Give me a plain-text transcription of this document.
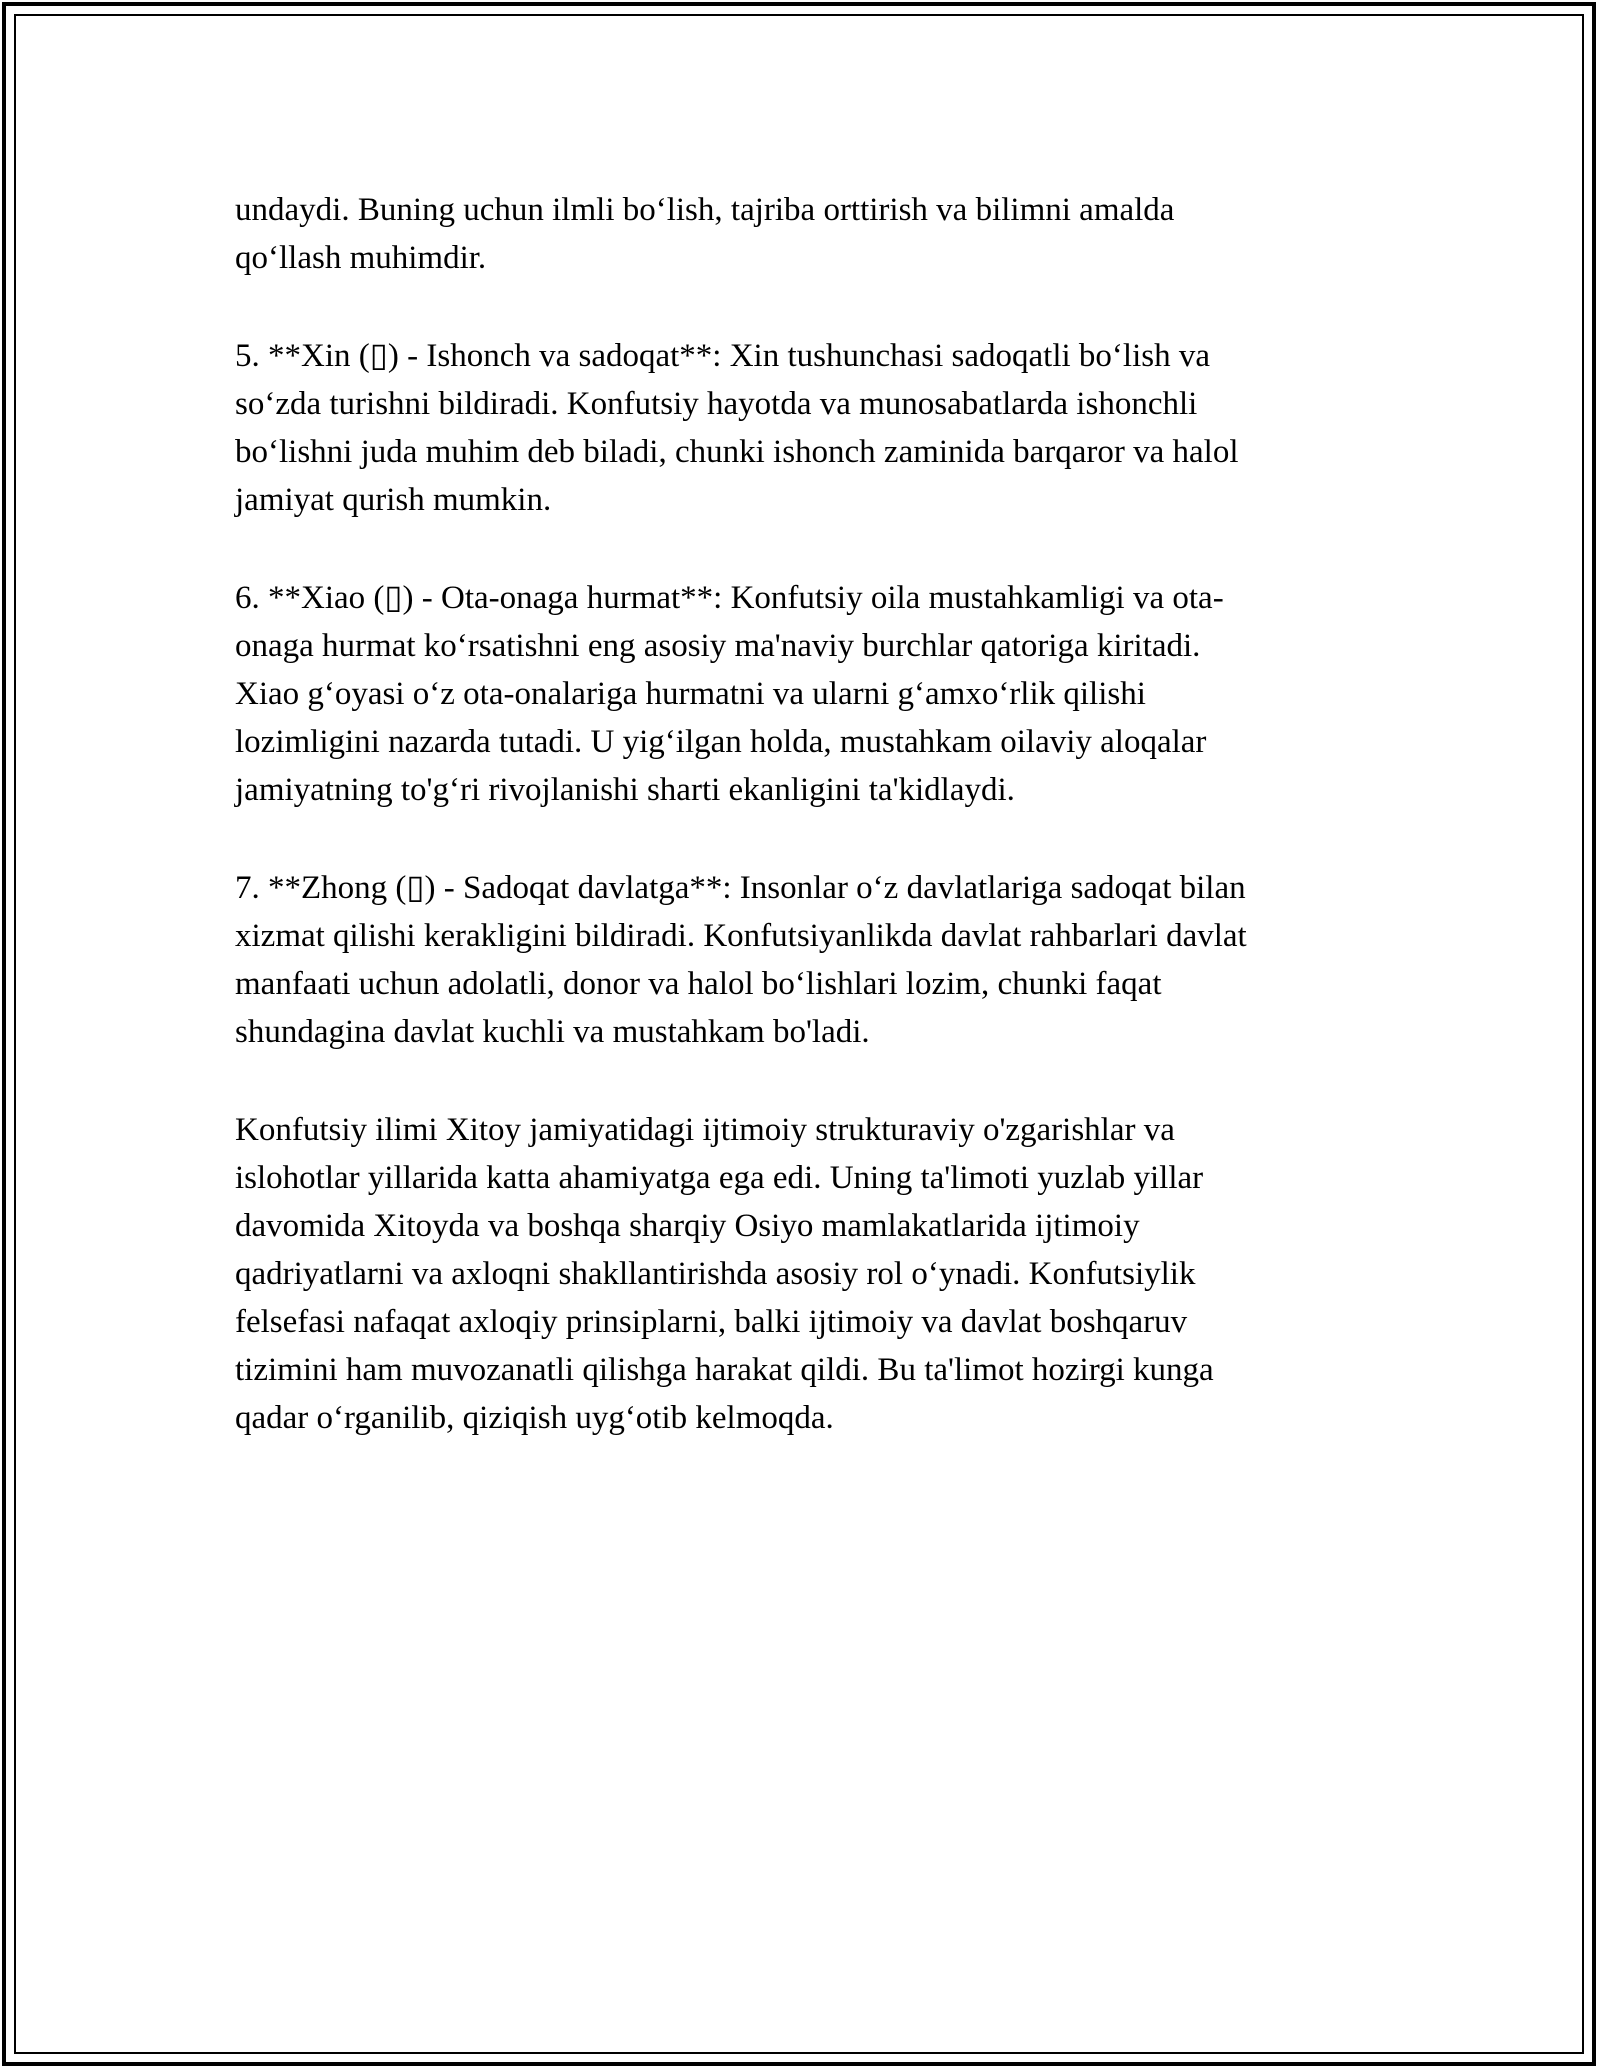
undaydi. Buning uchun ilmli bo‘lish, tajriba orttirish va bilimni amalda
qo‘llash muhimdir.

5. **Xin (▯) - Ishonch va sadoqat**: Xin tushunchasi sadoqatli bo‘lish va
so‘zda turishni bildiradi. Konfutsiy hayotda va munosabatlarda ishonchli
bo‘lishni juda muhim deb biladi, chunki ishonch zaminida barqaror va halol
jamiyat qurish mumkin.

6. **Xiao (▯) - Ota-onaga hurmat**: Konfutsiy oila mustahkamligi va ota-
onaga hurmat ko‘rsatishni eng asosiy ma'naviy burchlar qatoriga kiritadi.
Xiao g‘oyasi o‘z ota-onalariga hurmatni va ularni g‘amxo‘rlik qilishi
lozimligini nazarda tutadi. U yig‘ilgan holda, mustahkam oilaviy aloqalar
jamiyatning to'g‘ri rivojlanishi sharti ekanligini ta'kidlaydi.

7. **Zhong (▯) - Sadoqat davlatga**: Insonlar o‘z davlatlariga sadoqat bilan
xizmat qilishi kerakligini bildiradi. Konfutsiyanlikda davlat rahbarlari davlat
manfaati uchun adolatli, donor va halol bo‘lishlari lozim, chunki faqat
shundagina davlat kuchli va mustahkam bo'ladi.

Konfutsiy ilimi Xitoy jamiyatidagi ijtimoiy strukturaviy o'zgarishlar va
islohotlar yillarida katta ahamiyatga ega edi. Uning ta'limoti yuzlab yillar
davomida Xitoyda va boshqa sharqiy Osiyo mamlakatlarida ijtimoiy
qadriyatlarni va axloqni shakllantirishda asosiy rol o‘ynadi. Konfutsiylik
felsefasi nafaqat axloqiy prinsiplarni, balki ijtimoiy va davlat boshqaruv
tizimini ham muvozanatli qilishga harakat qildi. Bu ta'limot hozirgi kunga
qadar o‘rganilib, qiziqish uyg‘otib kelmoqda.
